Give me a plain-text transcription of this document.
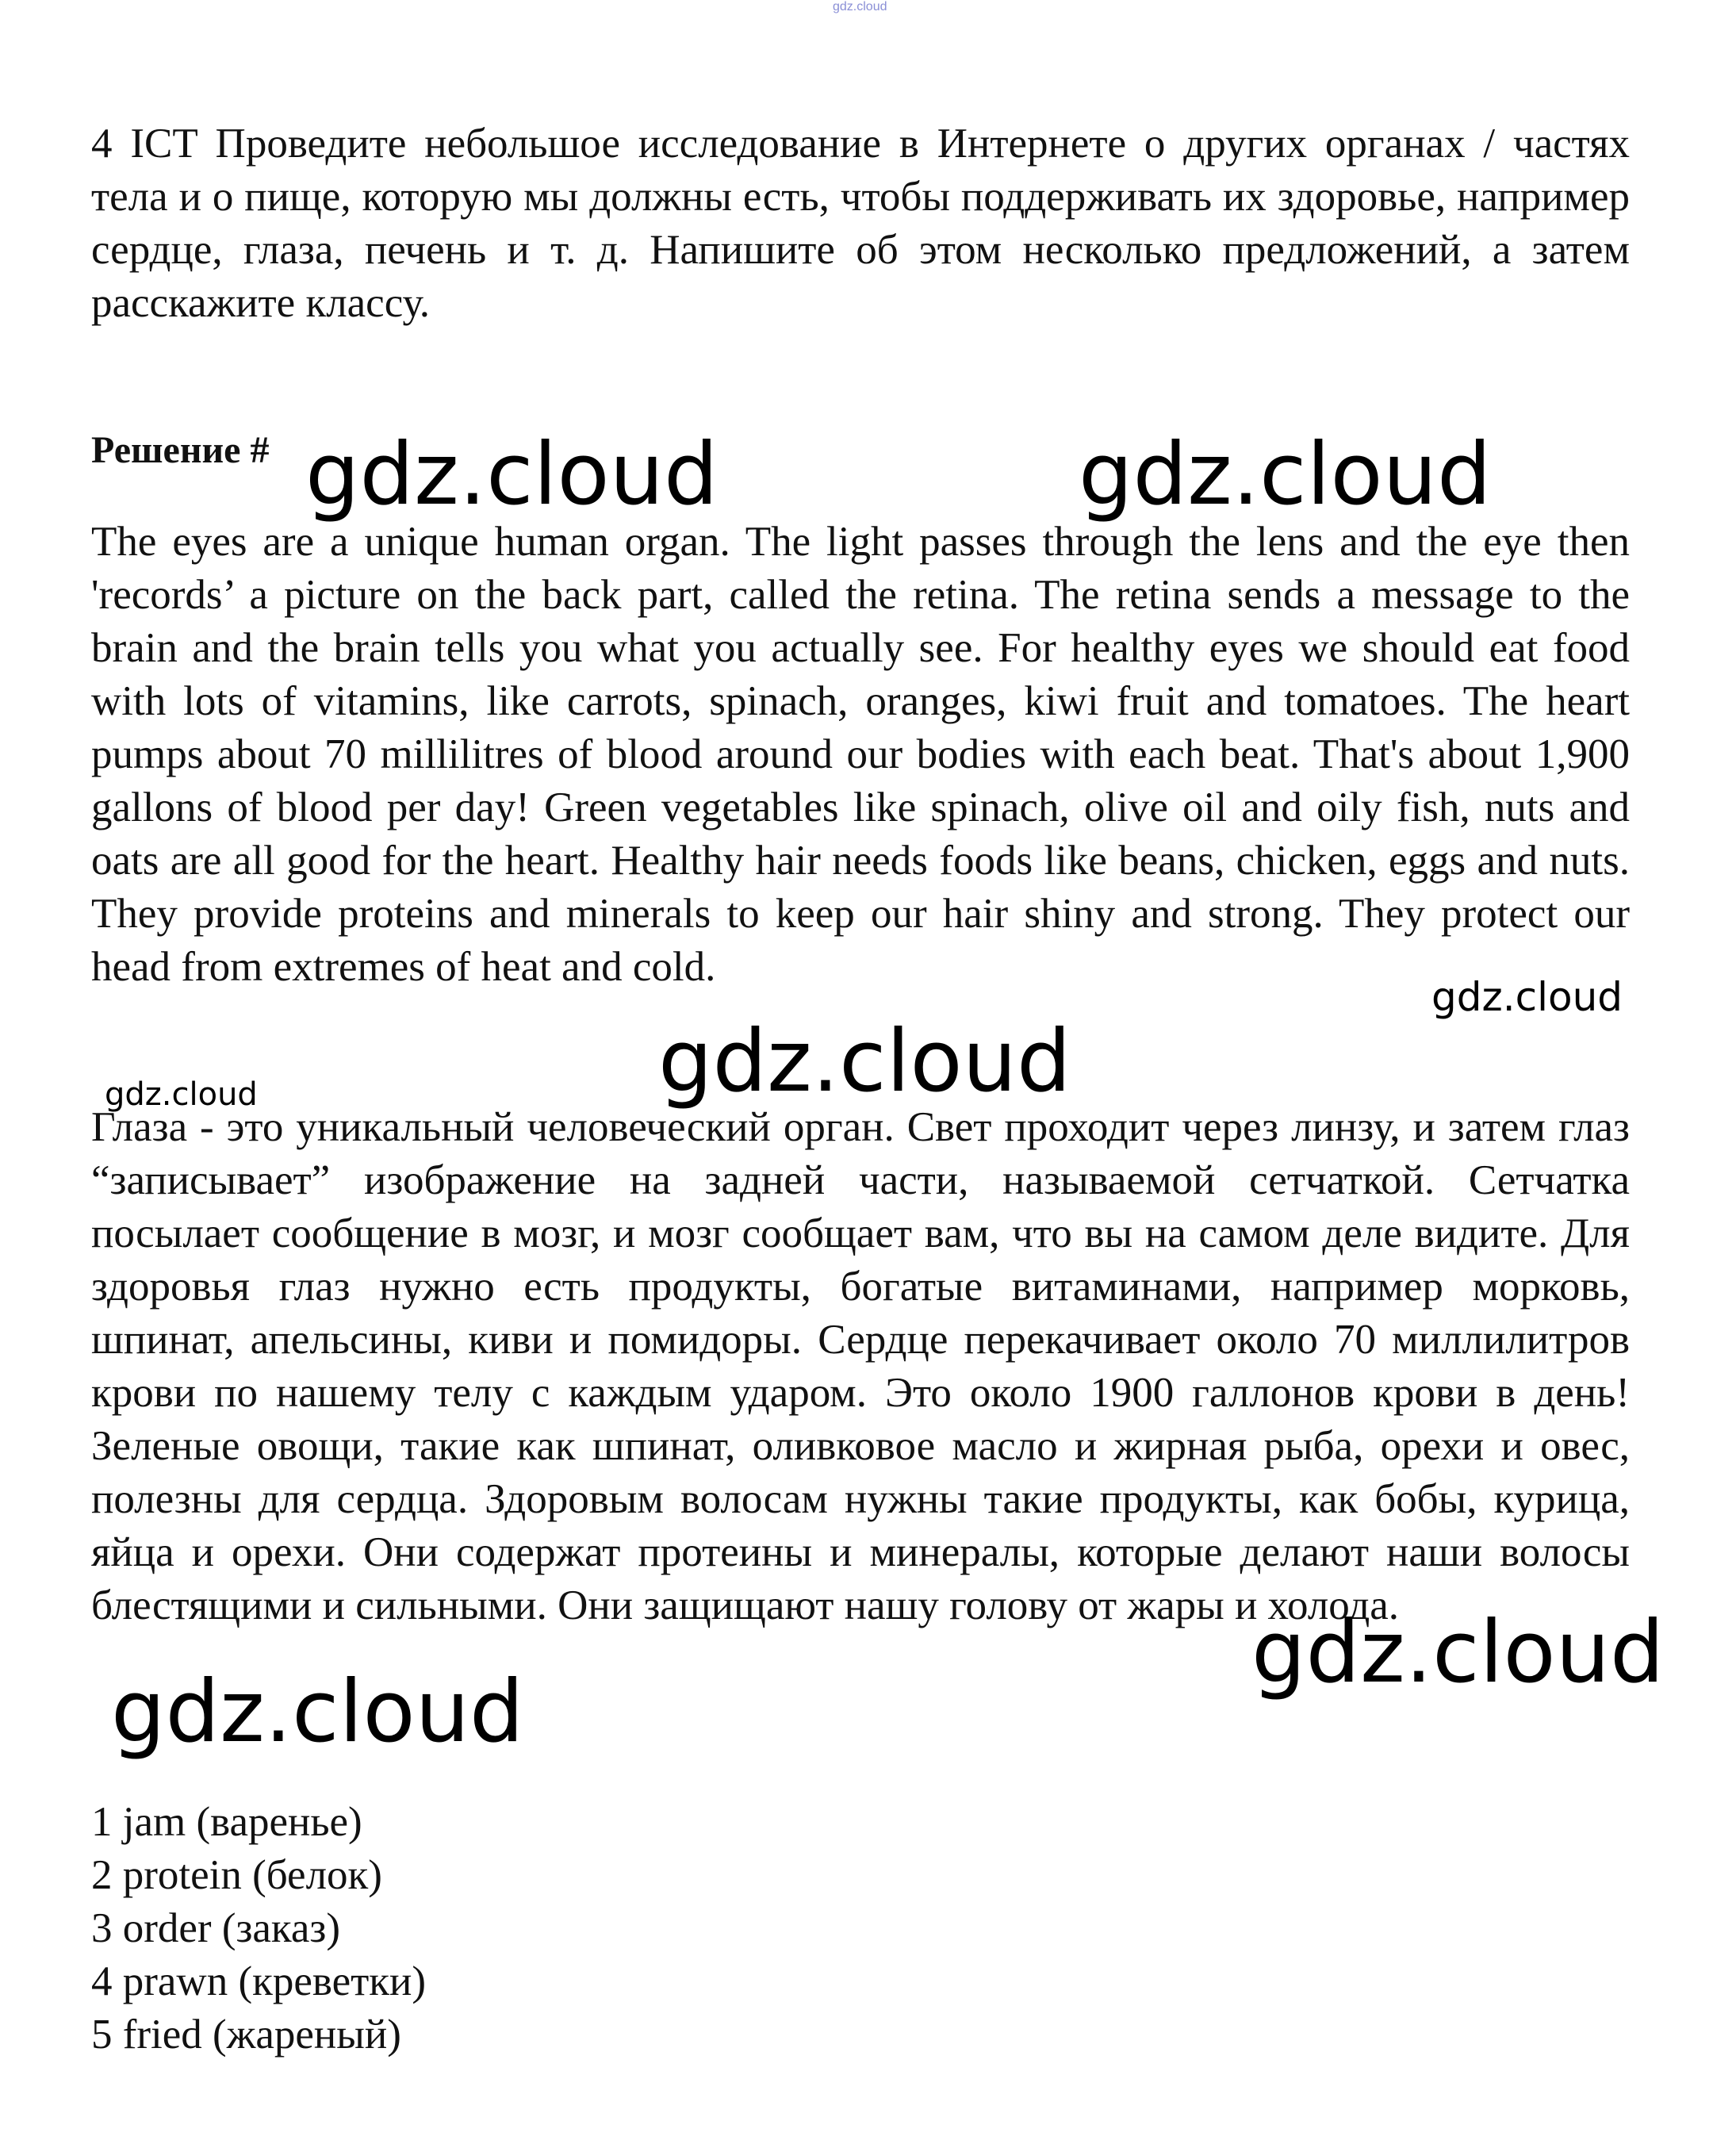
gdz.cloud

4 ICT Проведите небольшое исследование в Интернете о других органах / частях тела и о пище, которую мы должны есть, чтобы поддерживать их здоровье, например сердце, глаза, печень и т. д. Напишите об этом несколько предложений, а затем расскажите классу.

Решение #

The eyes are a unique human organ. The light passes through the lens and the eye then 'records’ a picture on the back part, called the retina. The retina sends a message to the brain and the brain tells you what you actually see. For healthy eyes we should eat food with lots of vitamins, like carrots, spinach, oranges, kiwi fruit and tomatoes. The heart pumps about 70 millilitres of blood around our bodies with each beat. That's about 1,900 gallons of blood per day! Green vegetables like spinach, olive oil and oily fish, nuts and oats are all good for the heart. Healthy hair needs foods like beans, chicken, eggs and nuts. They provide proteins and minerals to keep our hair shiny and strong. They protect our head from extremes of heat and cold.

Глаза - это уникальный человеческий орган. Свет проходит через линзу, и затем глаз “записывает” изображение на задней части, называемой сетчаткой. Сетчатка посылает сообщение в мозг, и мозг сообщает вам, что вы на самом деле видите. Для здоровья глаз нужно есть продукты, богатые витаминами, например морковь, шпинат, апельсины, киви и помидоры. Сердце перекачивает около 70 миллилитров крови по нашему телу с каждым ударом. Это около 1900 галлонов крови в день! Зеленые овощи, такие как шпинат, оливковое масло и жирная рыба, орехи и овес, полезны для сердца. Здоровым волосам нужны такие продукты, как бобы, курица, яйца и орехи. Они содержат протеины и минералы, которые делают наши волосы блестящими и сильными. Они защищают нашу голову от жары и холода.

1 jam (варенье)
2 protein (белок)
3 order (заказ)
4 prawn (креветки)
5 fried (жареный)
gdz.cloud	gdz.cloud
gdz.cloud
gdz.cloud
gdz.cloud
gdz.cloud
gdz.cloud
